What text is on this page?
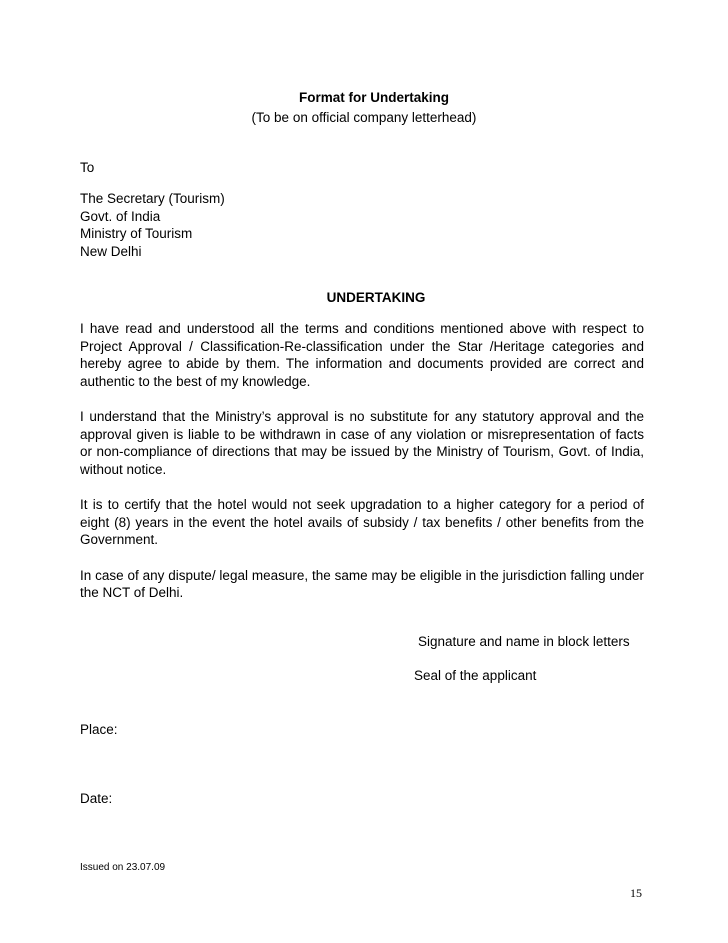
Format for Undertaking
(To be on official company letterhead)
To
The Secretary (Tourism)
Govt. of India
Ministry of Tourism
New Delhi
UNDERTAKING

I have read and understood all the terms and conditions mentioned above with respect to Project Approval / Classification-Re-classification under the Star /Heritage categories and hereby agree to abide by them. The information and documents provided are correct and authentic to the best of my knowledge.

I understand that the Ministry’s approval is no substitute for any statutory approval and the approval given is liable to be withdrawn in case of any violation or misrepresentation of facts or non-compliance of directions that may be issued by the Ministry of Tourism, Govt. of India, without notice.

It is to certify that the hotel would not seek upgradation to a higher category for a period of eight (8) years in the event the hotel avails of subsidy / tax benefits / other benefits from the Government.

In case of any dispute/ legal measure, the same may be eligible in the jurisdiction falling under the NCT of Delhi.

Signature and name in block letters
Seal of the applicant
Place:
Date:
Issued on 23.07.09
15
